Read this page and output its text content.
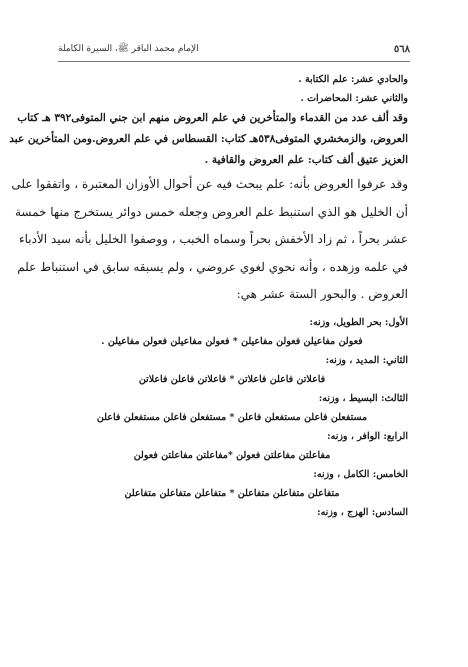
٥٦٨
الإمام محمد الباقر ﷺ، السيرة الكاملة
والحادي عشر: علم الكتابة .
والثاني عشر: المحاضرات .
وقد ألف عدد من القدماء والمتأخرين في علم العروض منهم ابن جني المتوفى٣٩٢ هـ كتاب
العروض، والزمخشري المتوفى٥٣٨هـ كتاب: القسطاس في علم العروض.ومن المتأخرين عبد
العزيز عتيق ألف كتاب: علم العروض والقافية .
وقد عرفوا العروض بأنه: علم يبحث فيه عن أحوال الأوزان المعتبرة ، واتفقوا على
أن الخليل هو الذي استنبط علم العروض وجعله خمس دوائر يستخرج منها خمسة
عشر بحراً ، ثم زاد الأخفش بحراً وسماه الخبب ، ووصفوا الخليل بأنه سيد الأدباء
في علمه وزهده ، وأنه نحوي لغوي عروضي ، ولم يسبقه سابق في استنباط علم
العروض . والبحور الستة عشر هي:
الأول: بحر الطويل، وزنه:
فعولن مفاعيلن فعولن مفاعيلن * فعولن مفاعيلن فعولن مفاعيلن .
الثاني: المديد ، وزنه:
فاعلاتن فاعلن فاعلاتن * فاعلاتن فاعلن فاعلاتن
الثالث: البسيط ، وزنه:
مستفعلن فاعلن مستفعلن فاعلن * مستفعلن فاعلن مستفعلن فاعلن
الرابع: الوافر ، وزنه:
مفاعلتن مفاعلتن فعولن *مفاعلتن مفاعلتن فعولن
الخامس: الكامل ، وزنه:
متفاعلن متفاعلن متفاعلن * متفاعلن متفاعلن متفاعلن
السادس: الهزج ، وزنه:
